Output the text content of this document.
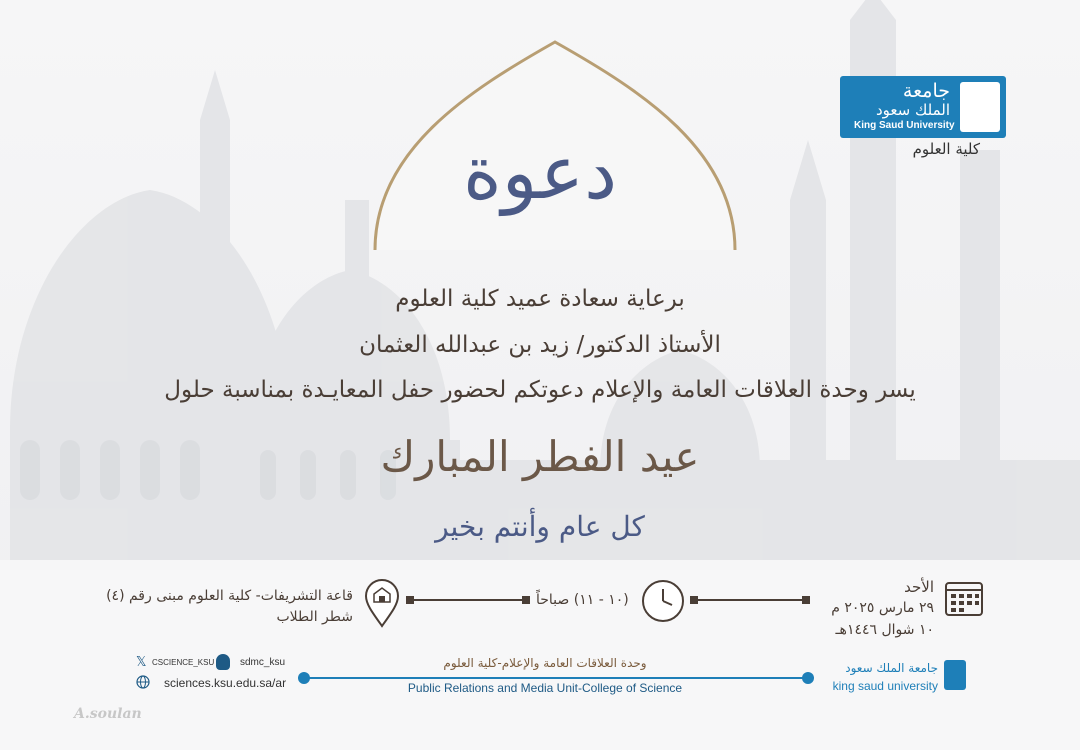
جامعة
الملك سعود
King Saud University
كلية العلوم
دعوة
برعاية سعادة عميد كلية العلوم
الأستاذ الدكتور/ زيد بن عبدالله العثمان
يسر وحدة العلاقات العامة والإعلام دعوتكم لحضور حفل المعايـدة بمناسبة حلول
عيد الفطر المبارك
كل عام وأنتم بخير
الأحد
٢٩ مارس ٢٠٢٥ م
١٠ شوال ١٤٤٦هـ
(١٠ - ١١) صباحاً
قاعة التشريفات- كلية العلوم مبنى رقم (٤)
شطر الطلاب
وحدة العلاقات العامة والإعلام-كلية العلوم
Public Relations and Media Unit-College of Science
جامعة الملك سعود
king saud university
𝕏 CSCIENCE_KSU	sdmc_ksu
sciences.ksu.edu.sa/ar
A.soulan
